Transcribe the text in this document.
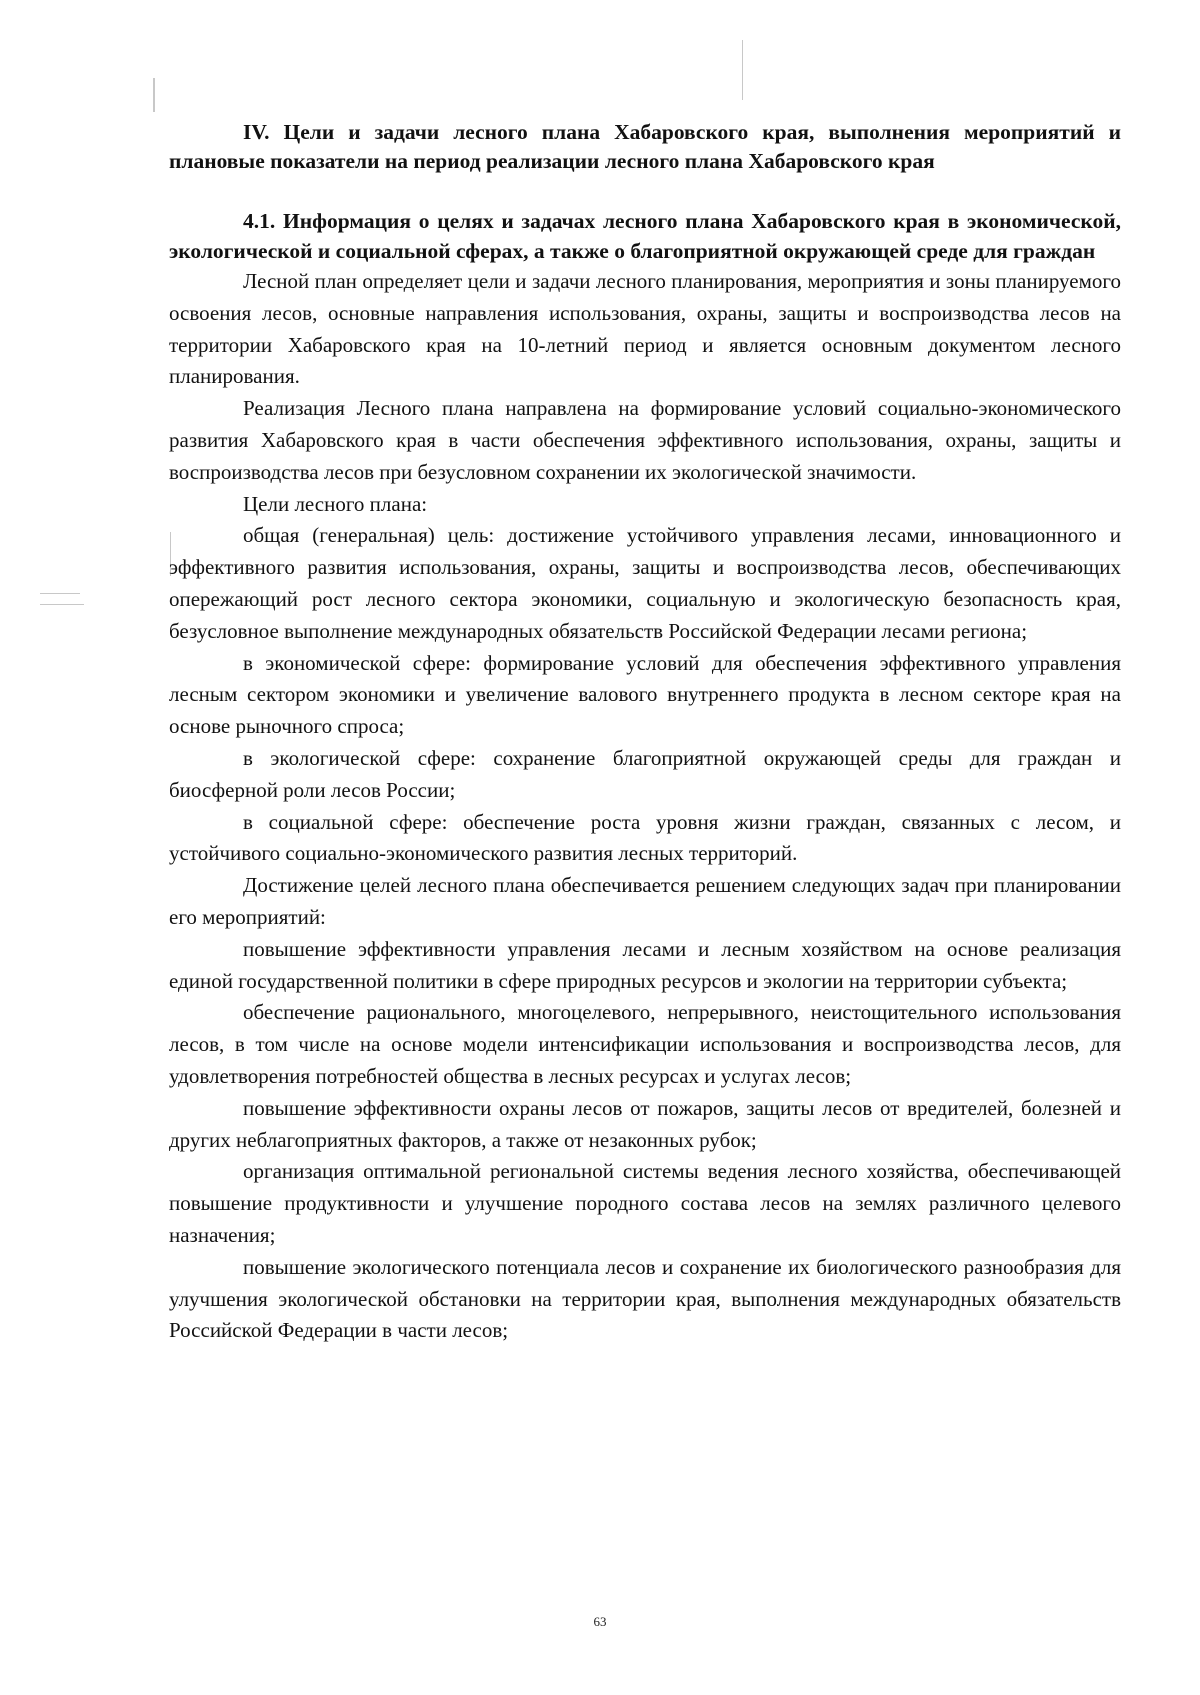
IV. Цели и задачи лесного плана Хабаровского края, выполнения мероприятий и плановые показатели на период реализации лесного плана Хабаровского края

4.1. Информация о целях и задачах лесного плана Хабаровского края в экономической, экологической и социальной сферах, а также о благоприятной окружающей среде для граждан

Лесной план определяет цели и задачи лесного планирования, мероприятия и зоны планируемого освоения лесов, основные направления использования, охраны, защиты и воспроизводства лесов на территории Хабаровского края на 10-летний период и является основным документом лесного планирования.

Реализация Лесного плана направлена на формирование условий социально-экономического развития Хабаровского края в части обеспечения эффективного использования, охраны, защиты и воспроизводства лесов при безусловном сохранении их экологической значимости.

Цели лесного плана:

общая (генеральная) цель: достижение устойчивого управления лесами, инновационного и эффективного развития использования, охраны, защиты и воспроизводства лесов, обеспечивающих опережающий рост лесного сектора экономики, социальную и экологическую безопасность края, безусловное выполнение международных обязательств Российской Федерации лесами региона;

в экономической сфере: формирование условий для обеспечения эффективного управления лесным сектором экономики и увеличение валового внутреннего продукта в лесном секторе края на основе рыночного спроса;

в экологической сфере: сохранение благоприятной окружающей среды для граждан и биосферной роли лесов России;

в социальной сфере: обеспечение роста уровня жизни граждан, связанных с лесом, и устойчивого социально-экономического развития лесных территорий.

Достижение целей лесного плана обеспечивается решением следующих задач при планировании его мероприятий:

повышение эффективности управления лесами и лесным хозяйством на основе реализация единой государственной политики в сфере природных ресурсов и экологии на территории субъекта;

обеспечение рационального, многоцелевого, непрерывного, неистощительного использования лесов, в том числе на основе модели интенсификации использования и воспроизводства лесов, для удовлетворения потребностей общества в лесных ресурсах и услугах лесов;

повышение эффективности охраны лесов от пожаров, защиты лесов от вредителей, болезней и других неблагоприятных факторов, а также от незаконных рубок;

организация оптимальной региональной системы ведения лесного хозяйства, обеспечивающей повышение продуктивности и улучшение породного состава лесов на землях различного целевого назначения;

повышение экологического потенциала лесов и сохранение их биологического разнообразия для улучшения экологической обстановки на территории края, выполнения международных обязательств Российской Федерации в части лесов;

63
